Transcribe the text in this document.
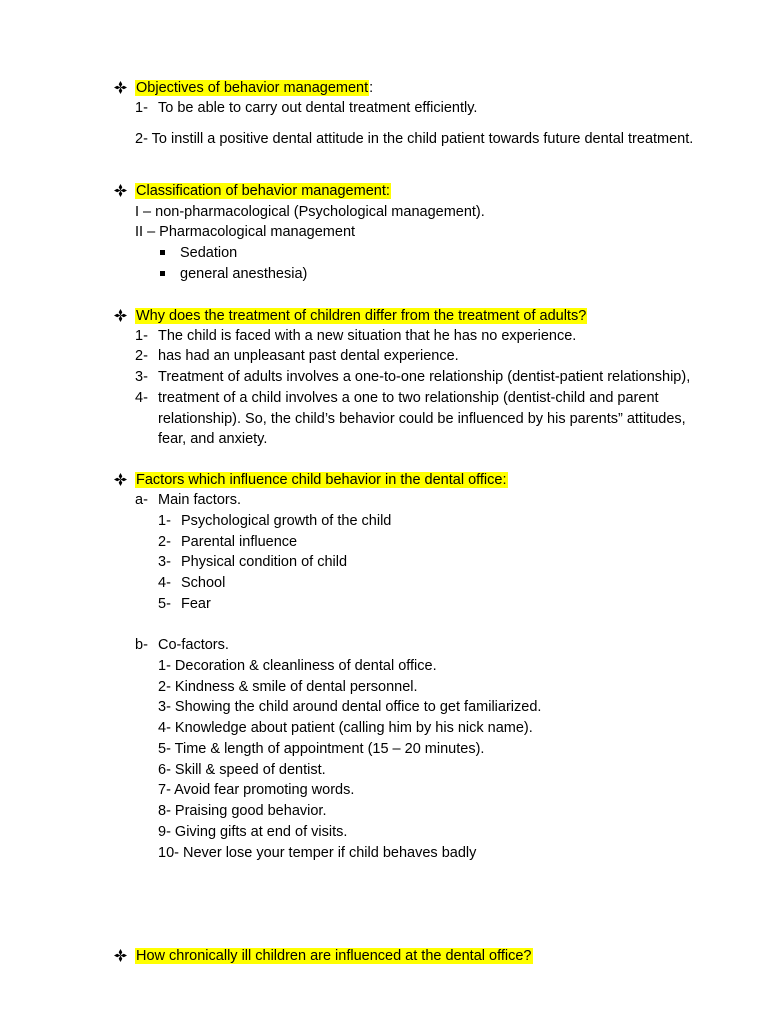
Objectives of behavior management:
1- To be able to carry out dental treatment efficiently.
2- To instill a positive dental attitude in the child patient towards future dental treatment.
Classification of behavior management:
I – non-pharmacological (Psychological management).
II – Pharmacological management
Sedation
general anesthesia)
Why does the treatment of children differ from the treatment of adults?
1- The child is faced with a new situation that he has no experience.
2- has had an unpleasant past dental experience.
3- Treatment of adults involves a one-to-one relationship (dentist-patient relationship),
4- treatment of a child involves a one to two relationship (dentist-child and parent
relationship). So, the child’s behavior could be influenced by his parents” attitudes,
fear, and anxiety.
Factors which influence child behavior in the dental office:
a- Main factors.
1- Psychological growth of the child
2- Parental influence
3- Physical condition of child
4- School
5- Fear
b- Co-factors.
1- Decoration & cleanliness of dental office.
2- Kindness & smile of dental personnel.
3- Showing the child around dental office to get familiarized.
4- Knowledge about patient (calling him by his nick name).
5- Time & length of appointment (15 – 20 minutes).
6- Skill & speed of dentist.
7- Avoid fear promoting words.
8- Praising good behavior.
9- Giving gifts at end of visits.
10- Never lose your temper if child behaves badly
How chronically ill children are influenced at the dental office?
